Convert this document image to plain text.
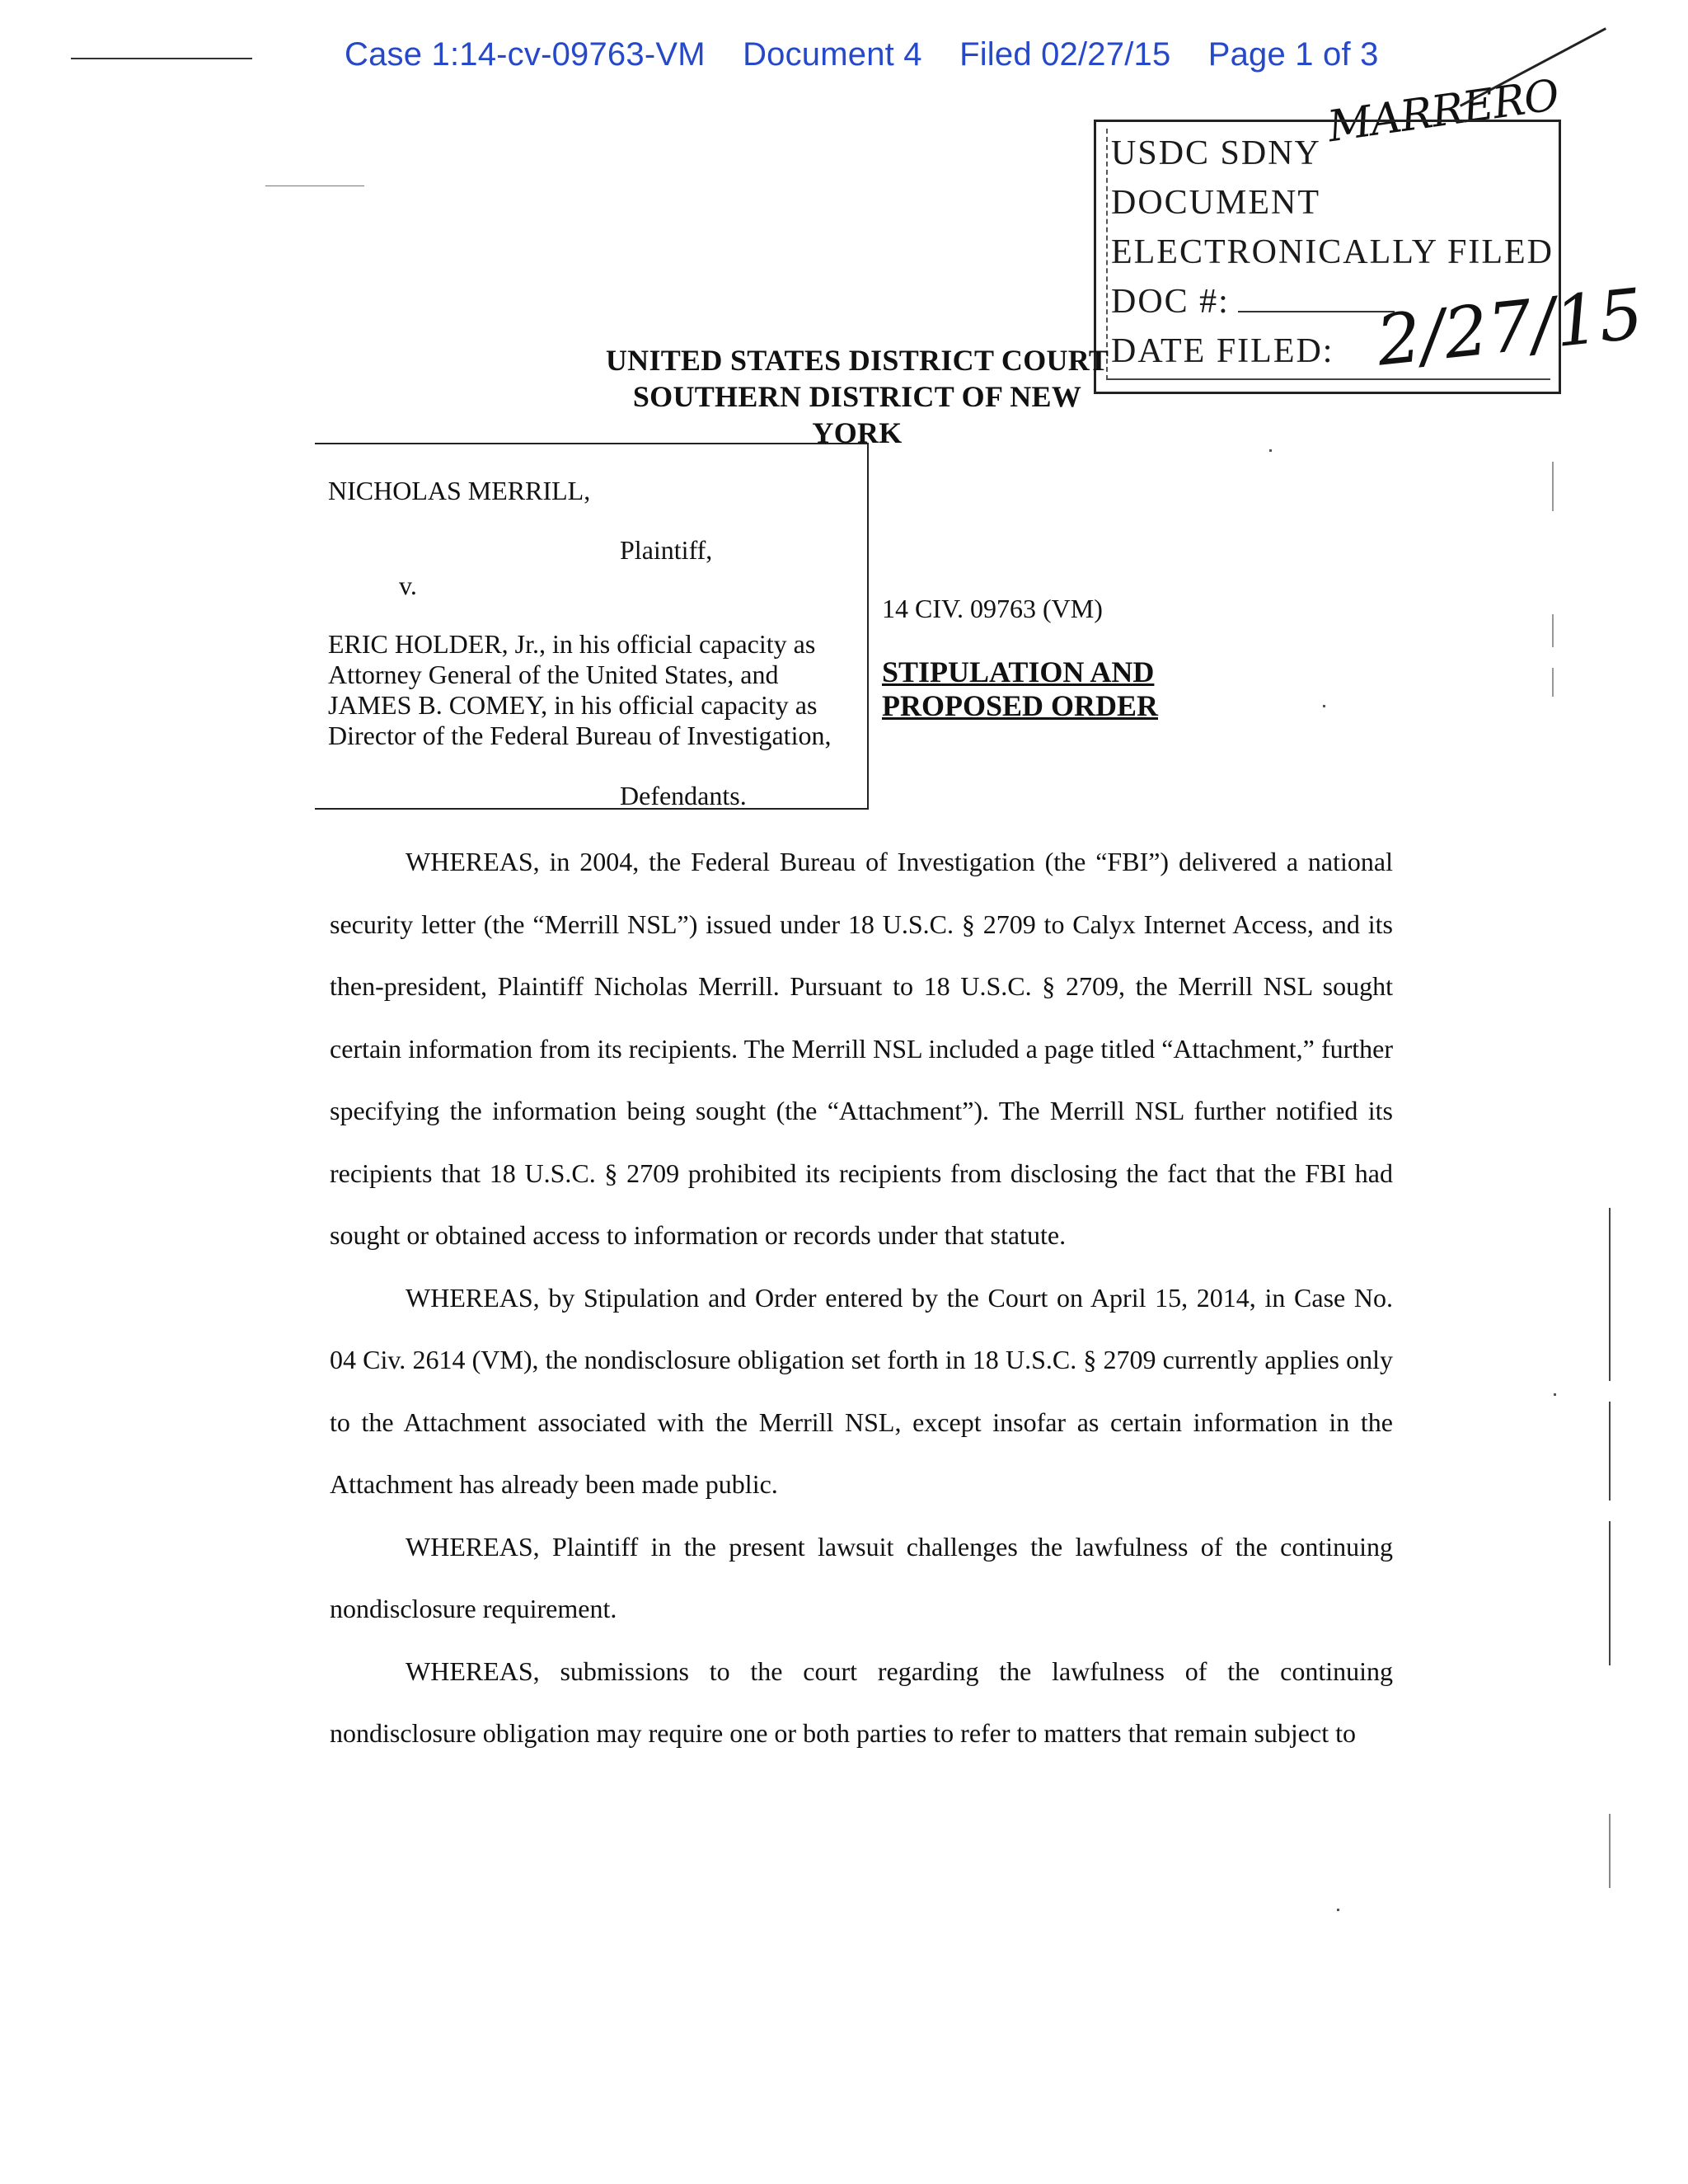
Case 1:14-cv-09763-VM Document 4 Filed 02/27/15 Page 1 of 3
MARRERO
USDC SDNY
DOCUMENT
ELECTRONICALLY FILED
DOC #:
DATE FILED: 2/27/15
UNITED STATES DISTRICT COURT
SOUTHERN DISTRICT OF NEW YORK
NICHOLAS MERRILL,
Plaintiff,
v.
ERIC HOLDER, Jr., in his official capacity as
Attorney General of the United States, and
JAMES B. COMEY, in his official capacity as
Director of the Federal Bureau of Investigation,
Defendants.
14 CIV. 09763 (VM)
STIPULATION AND
PROPOSED ORDER

WHEREAS, in 2004, the Federal Bureau of Investigation (the “FBI”) delivered a national security letter (the “Merrill NSL”) issued under 18 U.S.C. § 2709 to Calyx Internet Access, and its then-president, Plaintiff Nicholas Merrill. Pursuant to 18 U.S.C. § 2709, the Merrill NSL sought certain information from its recipients. The Merrill NSL included a page titled “Attachment,” further specifying the information being sought (the “Attachment”). The Merrill NSL further notified its recipients that 18 U.S.C. § 2709 prohibited its recipients from disclosing the fact that the FBI had sought or obtained access to information or records under that statute.

WHEREAS, by Stipulation and Order entered by the Court on April 15, 2014, in Case No. 04 Civ. 2614 (VM), the nondisclosure obligation set forth in 18 U.S.C. § 2709 currently applies only to the Attachment associated with the Merrill NSL, except insofar as certain information in the Attachment has already been made public.

WHEREAS, Plaintiff in the present lawsuit challenges the lawfulness of the continuing nondisclosure requirement.

WHEREAS, submissions to the court regarding the lawfulness of the continuing nondisclosure obligation may require one or both parties to refer to matters that remain subject to
